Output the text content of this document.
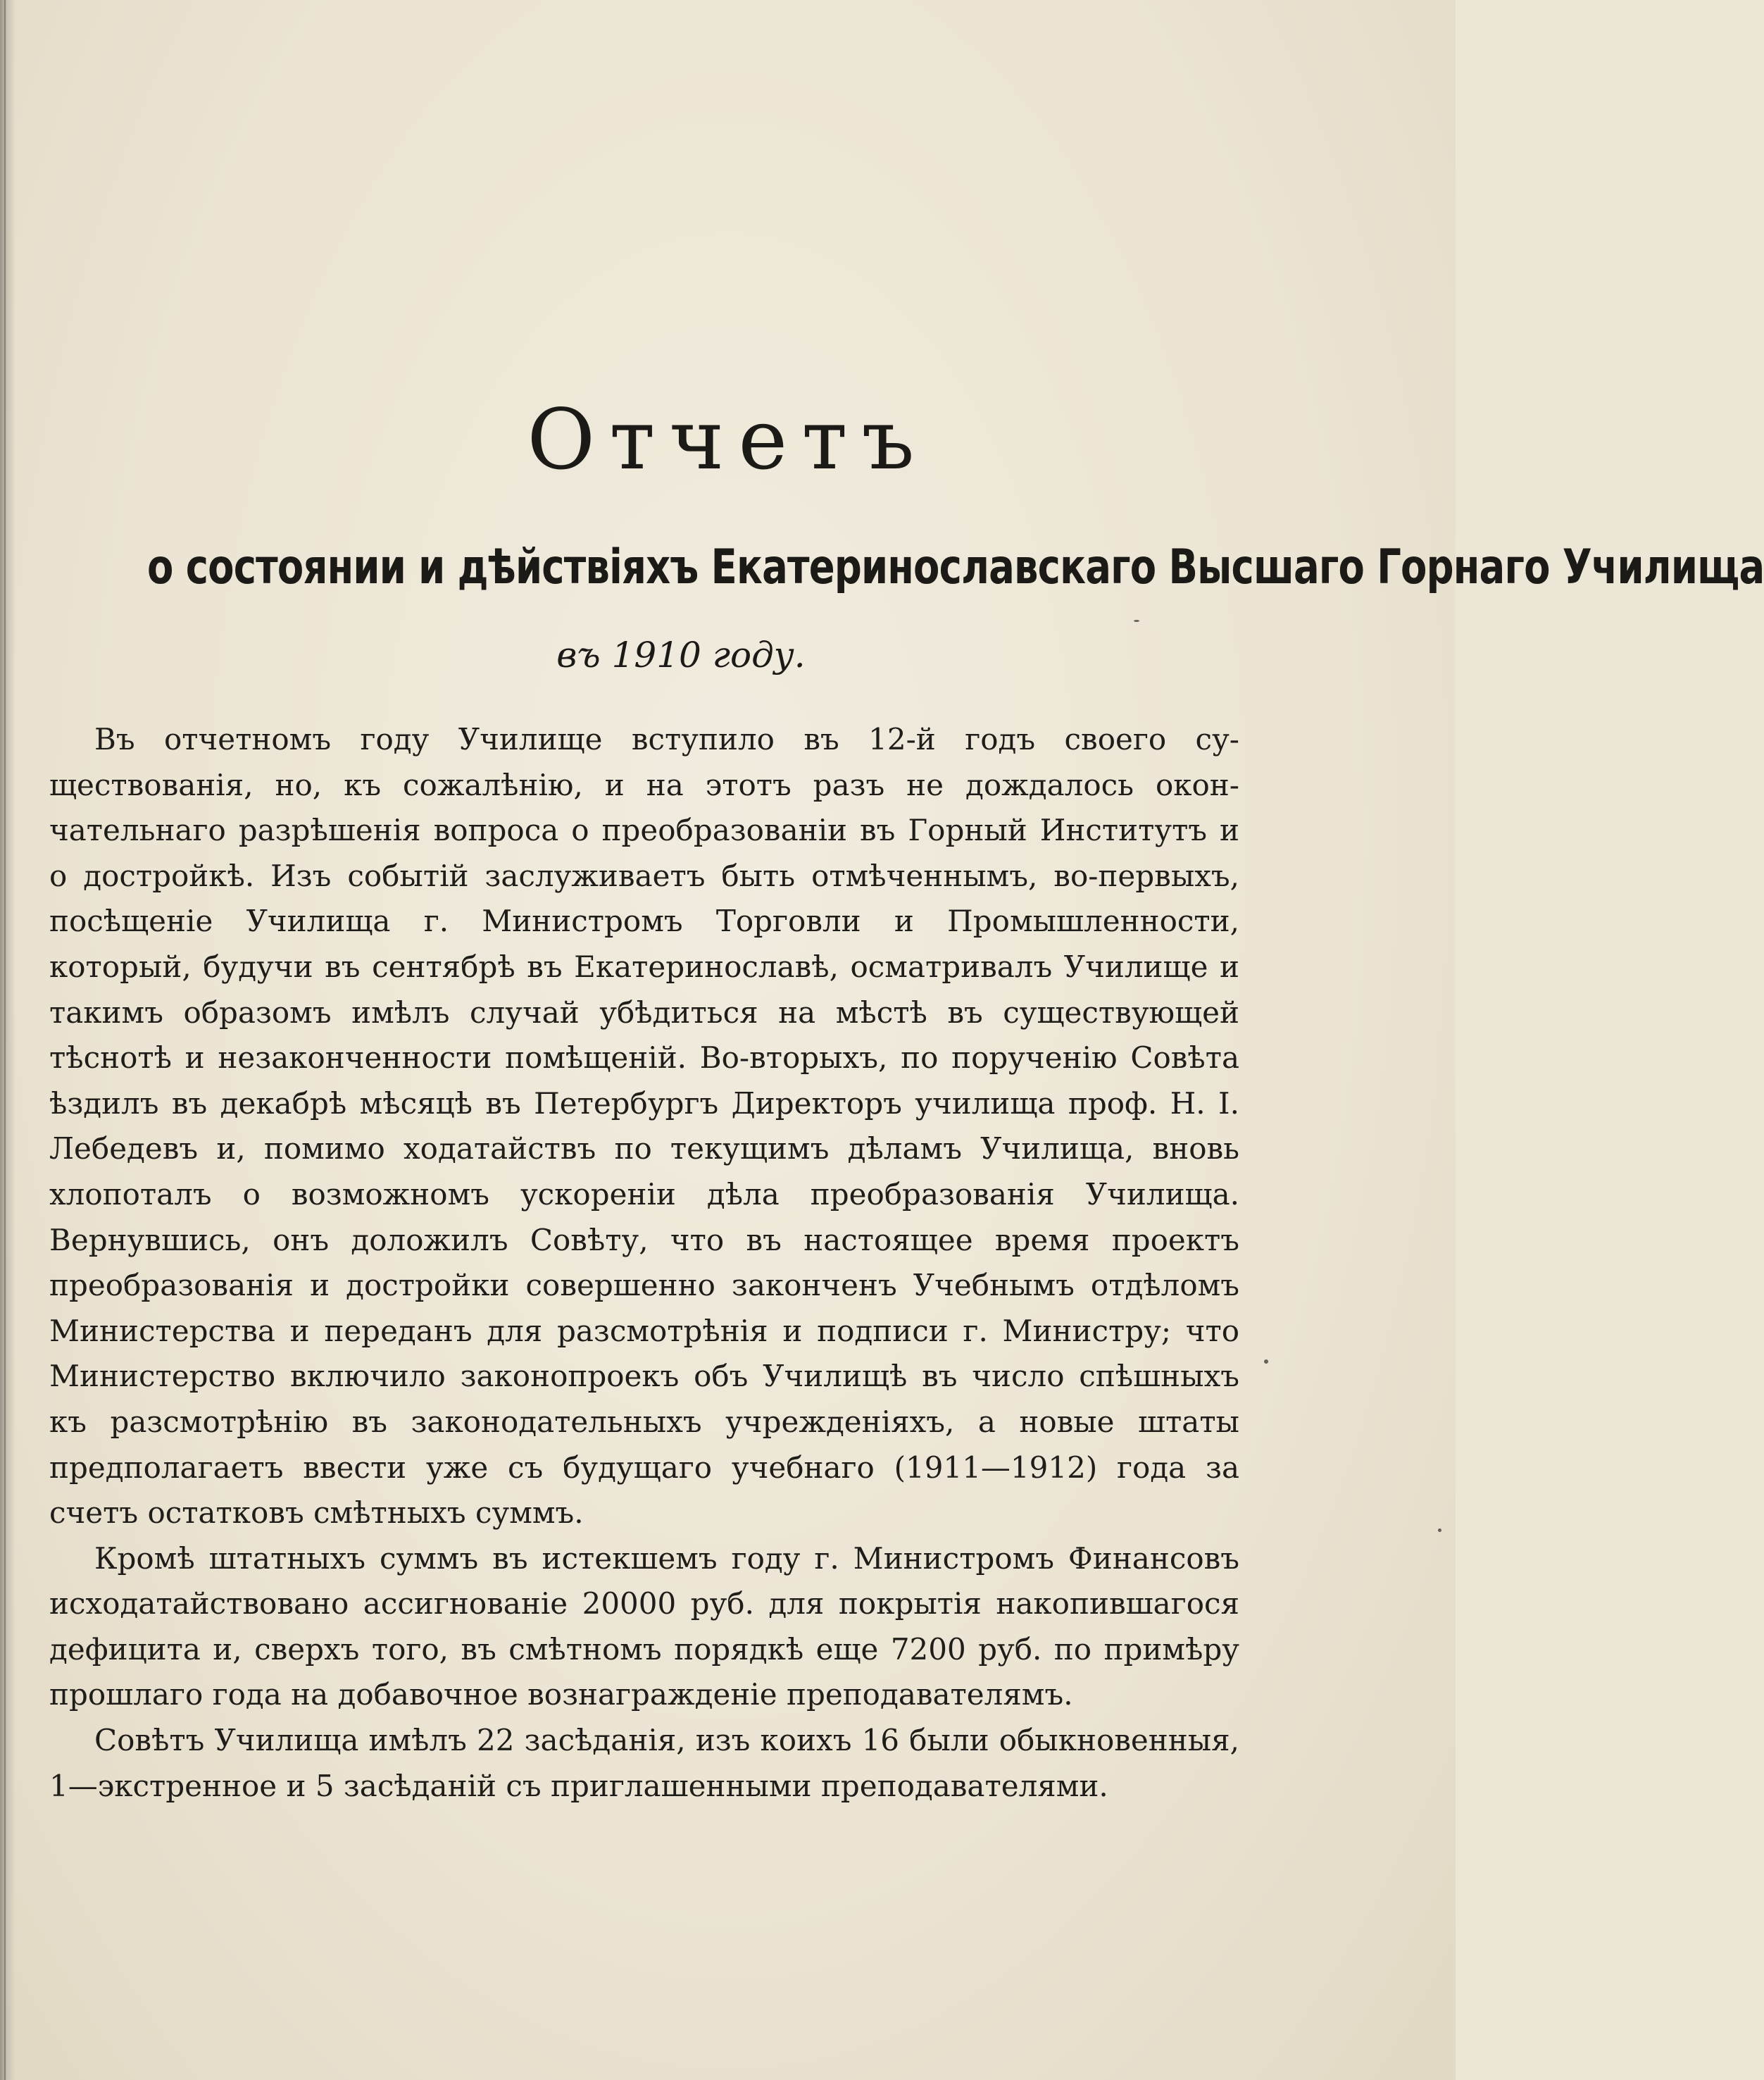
Отчетъ
о состоянии и дѣйствіяхъ Екатеринославскаго Высшаго Горнаго Училища
въ 1910 году.

Въ отчетномъ году Училище вступило въ 12-й годъ своего существованія, но, къ сожалѣнію, и на этотъ разъ не дождалось окончательнаго разрѣшенія вопроса о преобразованіи въ Горный Институтъ и о достройкѣ. Изъ событій заслуживаетъ быть отмѣченнымъ, во-первыхъ, посѣщеніе Училища г. Министромъ Торговли и Промышленности, который, будучи въ сентябрѣ въ Екатеринославѣ, осматривалъ Училище и такимъ образомъ имѣлъ случай убѣдиться на мѣстѣ въ существующей тѣснотѣ и незаконченности помѣщеній. Во-вторыхъ, по порученію Совѣта ѣздилъ въ декабрѣ мѣсяцѣ въ Петербургъ Директоръ училища проф. Н. I. Лебедевъ и, помимо ходатайствъ по текущимъ дѣламъ Училища, вновь хлопоталъ о возможномъ ускореніи дѣла преобразованія Училища. Вернувшись, онъ доложилъ Совѣту, что въ настоящее время проектъ преобразованія и достройки совершенно законченъ Учебнымъ отдѣломъ Министерства и переданъ для разсмотрѣнія и подписи г. Министру; что Министерство включило законопроекъ объ Училищѣ въ число спѣшныхъ къ разсмотрѣнію въ законодательныхъ учрежденіяхъ, а новые штаты предполагаетъ ввести уже съ будущаго учебнаго (1911—1912) года за счетъ остатковъ смѣтныхъ суммъ.

Кромѣ штатныхъ суммъ въ истекшемъ году г. Министромъ Финансовъ исходатайствовано ассигнованіе 20000 руб. для покрытія накопившагося дефицита и, сверхъ того, въ смѣтномъ порядкѣ еще 7200 руб. по примѣру прошлаго года на добавочное вознагражденіе преподавателямъ.

Совѣтъ Училища имѣлъ 22 засѣданія, изъ коихъ 16 были обыкновенныя, 1—экстренное и 5 засѣданій съ приглашенными преподавателями.
